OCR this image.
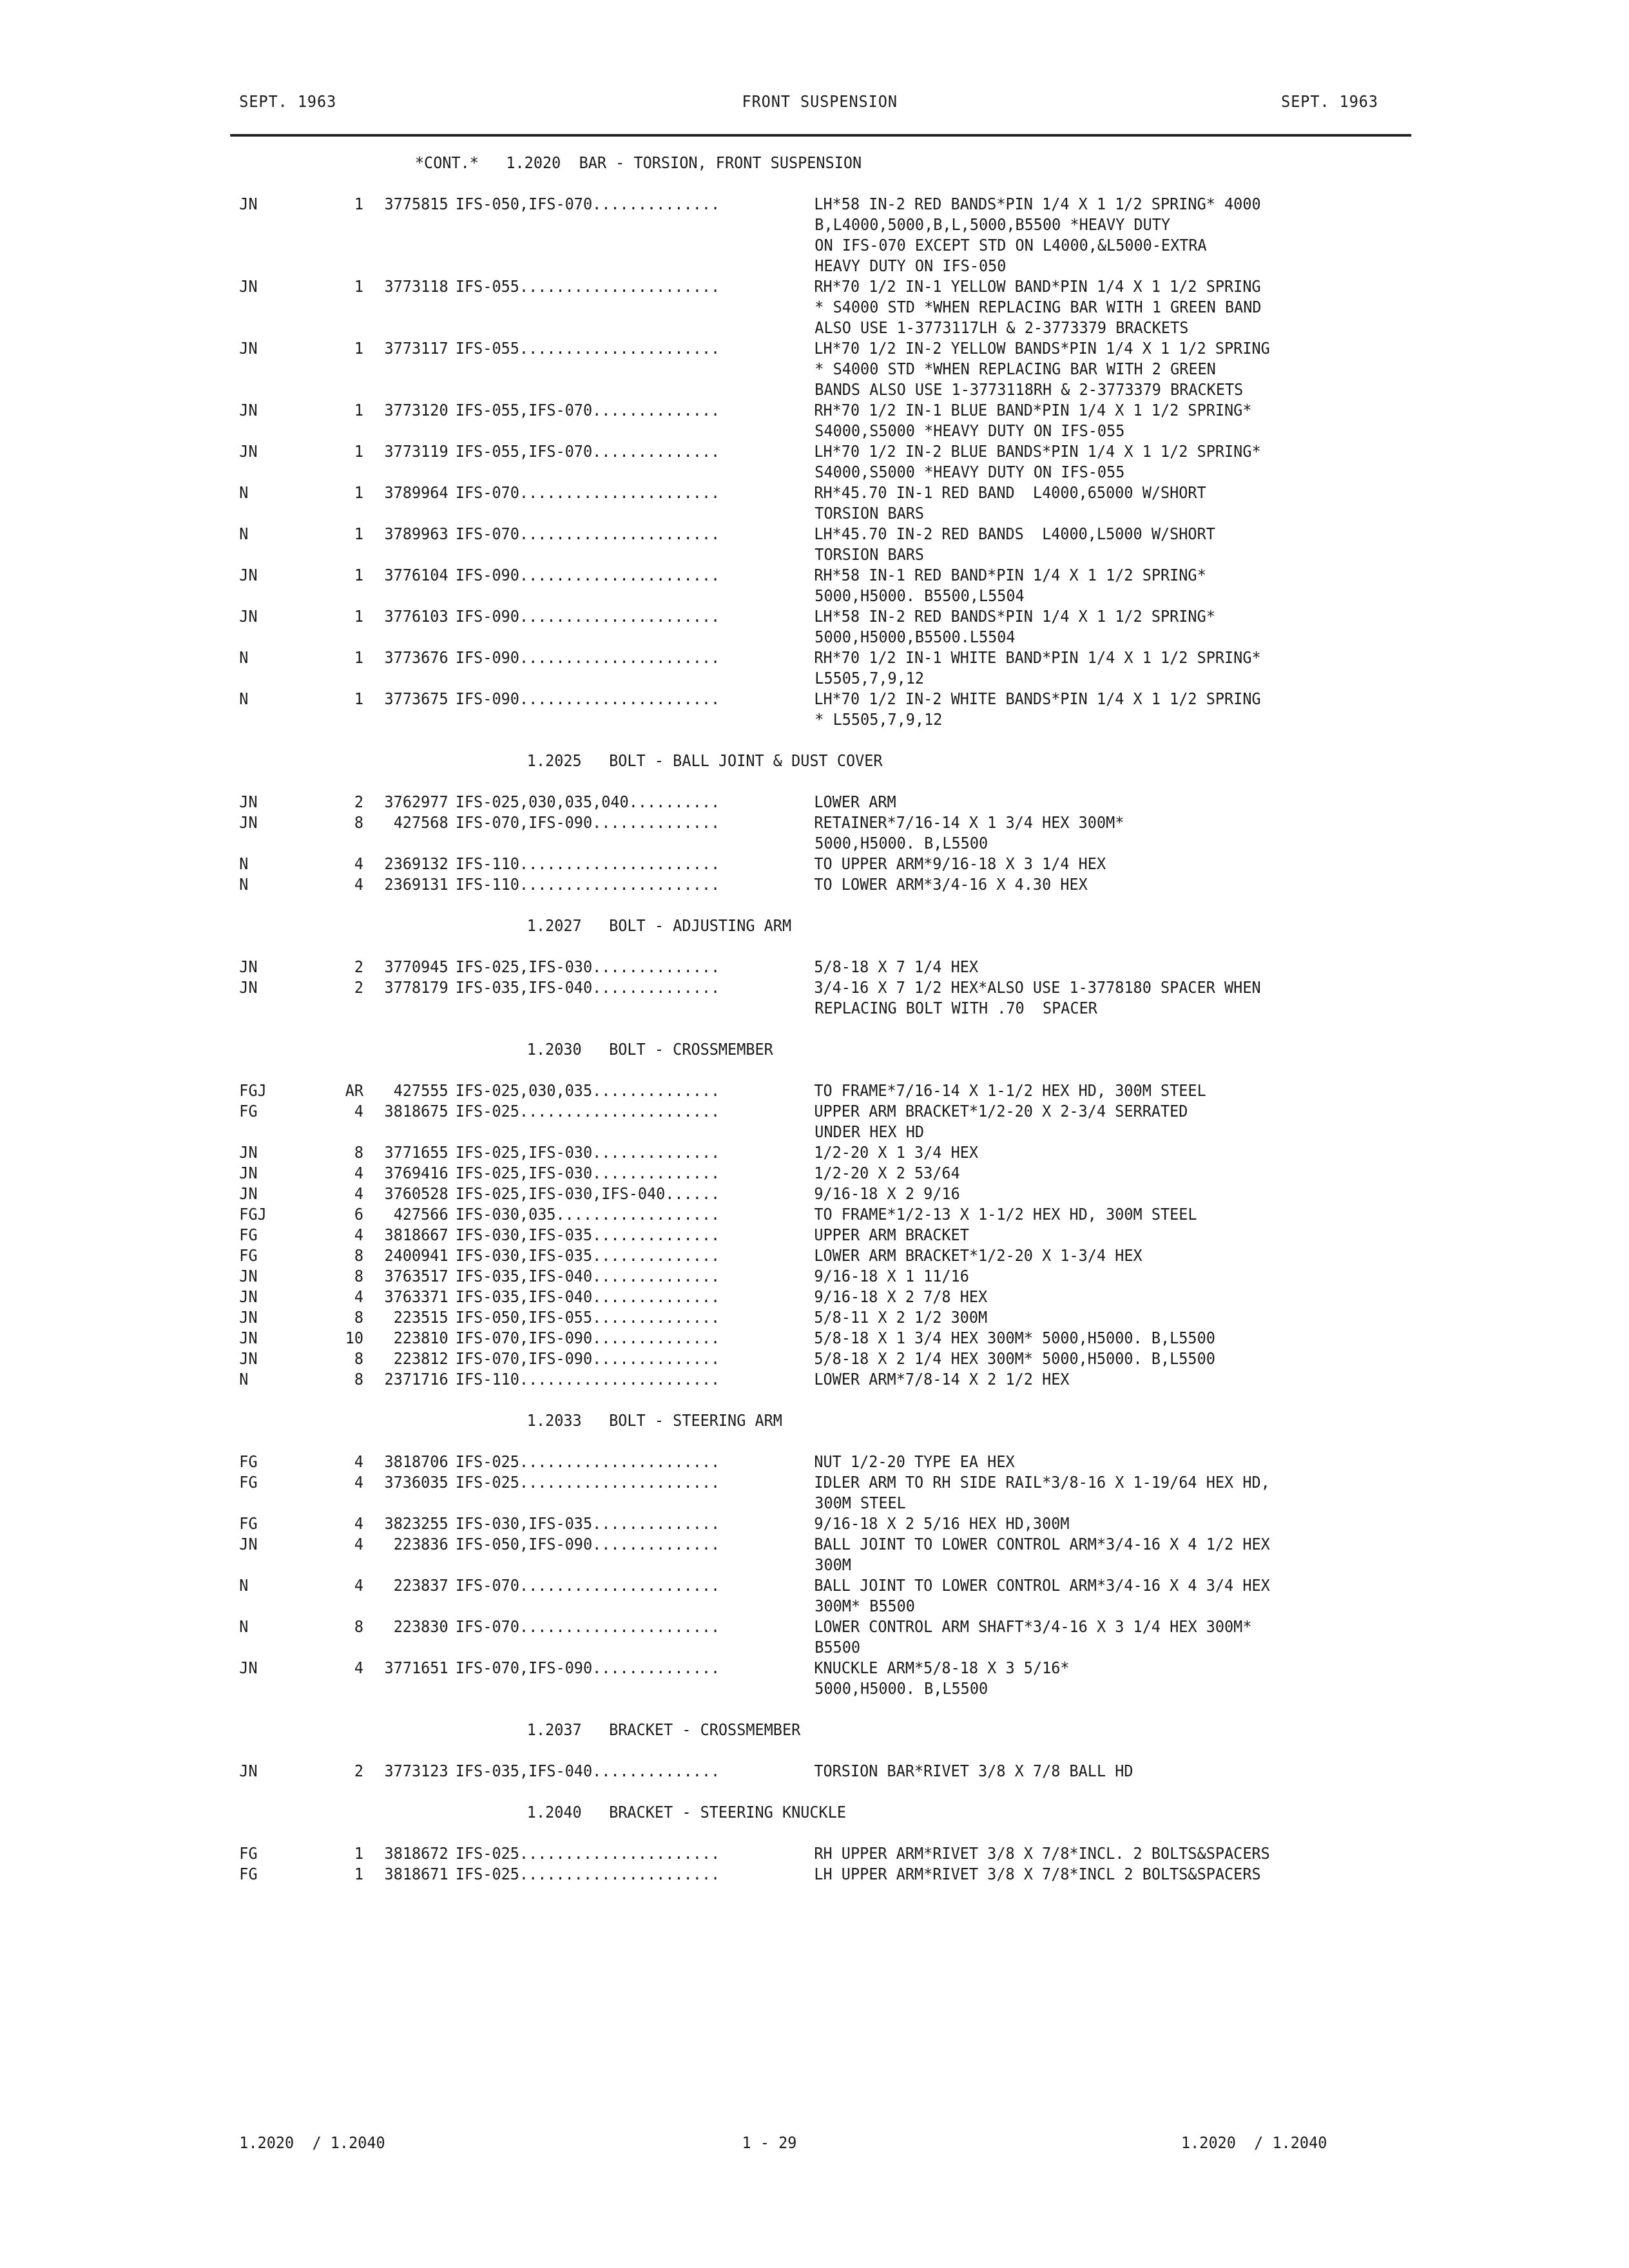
SEPT. 1963	FRONT SUSPENSION	SEPT. 1963
*CONT.*   1.2020  BAR - TORSION, FRONT SUSPENSION
JN	1	3775815 IFS-050,IFS-070..............	LH*58 IN-2 RED BANDS*PIN 1/4 X 1 1/2 SPRING* 4000
B,L4000,5000,B,L,5000,B5500 *HEAVY DUTY
ON IFS-070 EXCEPT STD ON L4000,&L5000-EXTRA
HEAVY DUTY ON IFS-050
JN	1	3773118 IFS-055......................	RH*70 1/2 IN-1 YELLOW BAND*PIN 1/4 X 1 1/2 SPRING
* S4000 STD *WHEN REPLACING BAR WITH 1 GREEN BAND
ALSO USE 1-3773117LH & 2-3773379 BRACKETS
JN	1	3773117 IFS-055......................	LH*70 1/2 IN-2 YELLOW BANDS*PIN 1/4 X 1 1/2 SPRING
* S4000 STD *WHEN REPLACING BAR WITH 2 GREEN
BANDS ALSO USE 1-3773118RH & 2-3773379 BRACKETS
JN	1	3773120 IFS-055,IFS-070..............	RH*70 1/2 IN-1 BLUE BAND*PIN 1/4 X 1 1/2 SPRING*
S4000,S5000 *HEAVY DUTY ON IFS-055
JN	1	3773119 IFS-055,IFS-070..............	LH*70 1/2 IN-2 BLUE BANDS*PIN 1/4 X 1 1/2 SPRING*
S4000,S5000 *HEAVY DUTY ON IFS-055
N	1	3789964 IFS-070......................	RH*45.70 IN-1 RED BAND  L4000,65000 W/SHORT
TORSION BARS
N	1	3789963 IFS-070......................	LH*45.70 IN-2 RED BANDS  L4000,L5000 W/SHORT
TORSION BARS
JN	1	3776104 IFS-090......................	RH*58 IN-1 RED BAND*PIN 1/4 X 1 1/2 SPRING*
5000,H5000. B5500,L5504
JN	1	3776103 IFS-090......................	LH*58 IN-2 RED BANDS*PIN 1/4 X 1 1/2 SPRING*
5000,H5000,B5500.L5504
N	1	3773676 IFS-090......................	RH*70 1/2 IN-1 WHITE BAND*PIN 1/4 X 1 1/2 SPRING*
L5505,7,9,12
N	1	3773675 IFS-090......................	LH*70 1/2 IN-2 WHITE BANDS*PIN 1/4 X 1 1/2 SPRING
* L5505,7,9,12
1.2025   BOLT - BALL JOINT & DUST COVER
JN	2	3762977 IFS-025,030,035,040..........	LOWER ARM
JN	8	427568 IFS-070,IFS-090..............	RETAINER*7/16-14 X 1 3/4 HEX 300M*
5000,H5000. B,L5500
N	4	2369132 IFS-110......................	TO UPPER ARM*9/16-18 X 3 1/4 HEX
N	4	2369131 IFS-110......................	TO LOWER ARM*3/4-16 X 4.30 HEX
1.2027   BOLT - ADJUSTING ARM
JN	2	3770945 IFS-025,IFS-030..............	5/8-18 X 7 1/4 HEX
JN	2	3778179 IFS-035,IFS-040..............	3/4-16 X 7 1/2 HEX*ALSO USE 1-3778180 SPACER WHEN
REPLACING BOLT WITH .70  SPACER
1.2030   BOLT - CROSSMEMBER
FGJ	AR	427555 IFS-025,030,035..............	TO FRAME*7/16-14 X 1-1/2 HEX HD, 300M STEEL
FG	4	3818675 IFS-025......................	UPPER ARM BRACKET*1/2-20 X 2-3/4 SERRATED
UNDER HEX HD
JN	8	3771655 IFS-025,IFS-030..............	1/2-20 X 1 3/4 HEX
JN	4	3769416 IFS-025,IFS-030..............	1/2-20 X 2 53/64
JN	4	3760528 IFS-025,IFS-030,IFS-040......	9/16-18 X 2 9/16
FGJ	6	427566 IFS-030,035..................	TO FRAME*1/2-13 X 1-1/2 HEX HD, 300M STEEL
FG	4	3818667 IFS-030,IFS-035..............	UPPER ARM BRACKET
FG	8	2400941 IFS-030,IFS-035..............	LOWER ARM BRACKET*1/2-20 X 1-3/4 HEX
JN	8	3763517 IFS-035,IFS-040..............	9/16-18 X 1 11/16
JN	4	3763371 IFS-035,IFS-040..............	9/16-18 X 2 7/8 HEX
JN	8	223515 IFS-050,IFS-055..............	5/8-11 X 2 1/2 300M
JN	10	223810 IFS-070,IFS-090..............	5/8-18 X 1 3/4 HEX 300M* 5000,H5000. B,L5500
JN	8	223812 IFS-070,IFS-090..............	5/8-18 X 2 1/4 HEX 300M* 5000,H5000. B,L5500
N	8	2371716 IFS-110......................	LOWER ARM*7/8-14 X 2 1/2 HEX
1.2033   BOLT - STEERING ARM
FG	4	3818706 IFS-025......................	NUT 1/2-20 TYPE EA HEX
FG	4	3736035 IFS-025......................	IDLER ARM TO RH SIDE RAIL*3/8-16 X 1-19/64 HEX HD,
300M STEEL
FG	4	3823255 IFS-030,IFS-035..............	9/16-18 X 2 5/16 HEX HD,300M
JN	4	223836 IFS-050,IFS-090..............	BALL JOINT TO LOWER CONTROL ARM*3/4-16 X 4 1/2 HEX
300M
N	4	223837 IFS-070......................	BALL JOINT TO LOWER CONTROL ARM*3/4-16 X 4 3/4 HEX
300M* B5500
N	8	223830 IFS-070......................	LOWER CONTROL ARM SHAFT*3/4-16 X 3 1/4 HEX 300M*
B5500
JN	4	3771651 IFS-070,IFS-090..............	KNUCKLE ARM*5/8-18 X 3 5/16*
5000,H5000. B,L5500
1.2037   BRACKET - CROSSMEMBER
JN	2	3773123 IFS-035,IFS-040..............	TORSION BAR*RIVET 3/8 X 7/8 BALL HD
1.2040   BRACKET - STEERING KNUCKLE
FG	1	3818672 IFS-025......................	RH UPPER ARM*RIVET 3/8 X 7/8*INCL. 2 BOLTS&SPACERS
FG	1	3818671 IFS-025......................	LH UPPER ARM*RIVET 3/8 X 7/8*INCL 2 BOLTS&SPACERS
1.2020  / 1.2040	1 - 29	1.2020  / 1.2040
